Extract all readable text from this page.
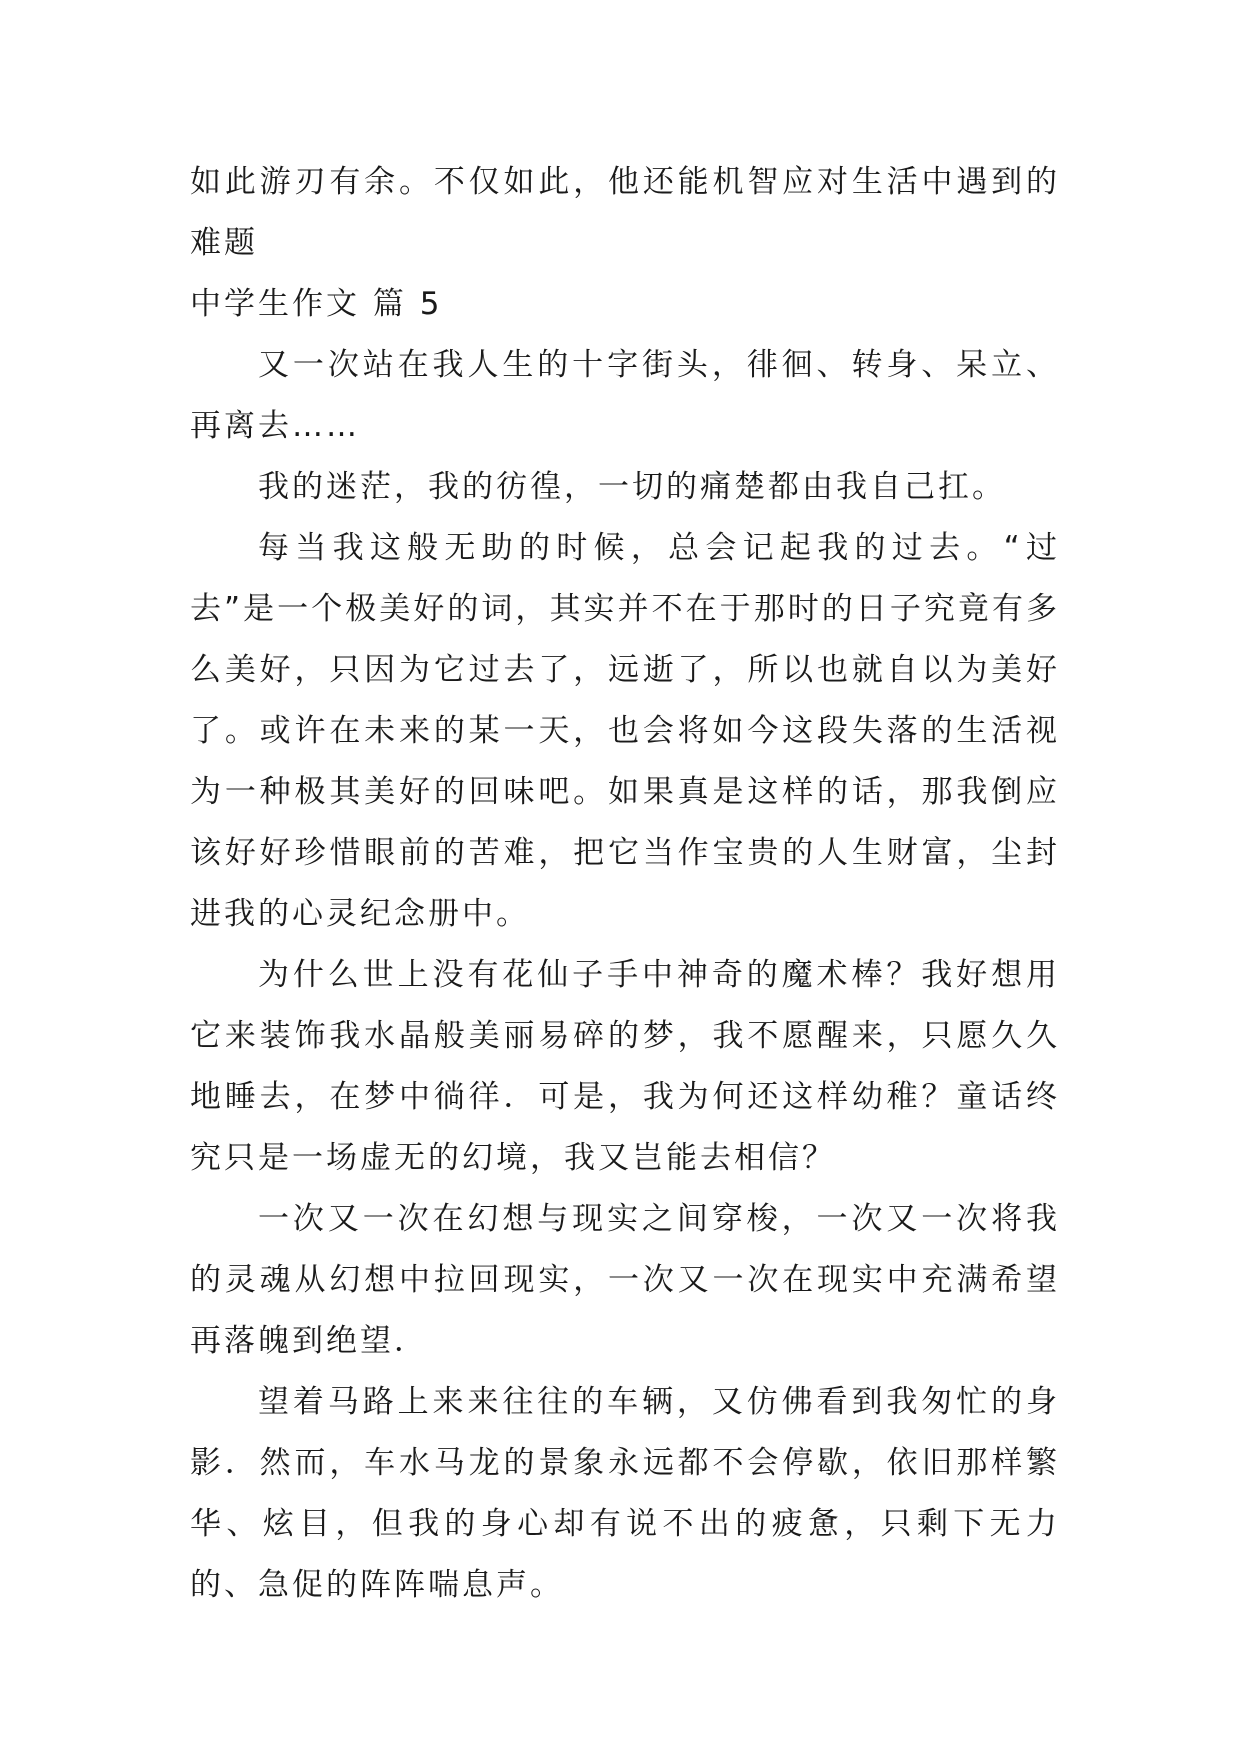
如此游刃有余。不仅如此，他还能机智应对生活中遇到的难题

中学生作文 篇 5

又一次站在我人生的十字街头，徘徊、转身、呆立、再离去……

我的迷茫，我的彷徨，一切的痛楚都由我自己扛。

每当我这般无助的时候，总会记起我的过去。“过去”是一个极美好的词，其实并不在于那时的日子究竟有多么美好，只因为它过去了，远逝了，所以也就自以为美好了。或许在未来的某一天，也会将如今这段失落的生活视为一种极其美好的回味吧。如果真是这样的话，那我倒应该好好珍惜眼前的苦难，把它当作宝贵的人生财富，尘封进我的心灵纪念册中。

为什么世上没有花仙子手中神奇的魔术棒？我好想用它来装饰我水晶般美丽易碎的梦，我不愿醒来，只愿久久地睡去，在梦中徜徉．可是，我为何还这样幼稚？童话终究只是一场虚无的幻境，我又岂能去相信？

一次又一次在幻想与现实之间穿梭，一次又一次将我的灵魂从幻想中拉回现实，一次又一次在现实中充满希望再落魄到绝望．

望着马路上来来往往的车辆，又仿佛看到我匆忙的身影．然而，车水马龙的景象永远都不会停歇，依旧那样繁华、炫目，但我的身心却有说不出的疲惫，只剩下无力的、急促的阵阵喘息声。
